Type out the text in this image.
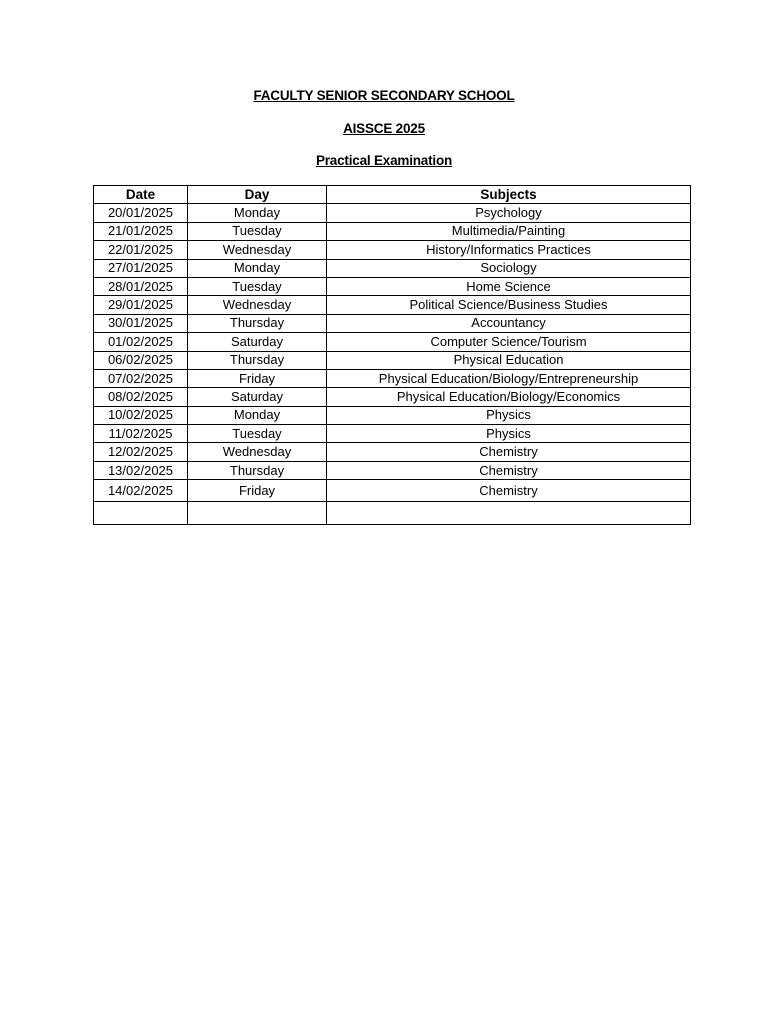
FACULTY SENIOR SECONDARY SCHOOL
AISSCE 2025
Practical Examination
Date	Day	Subjects
20/01/2025	Monday	Psychology
21/01/2025	Tuesday	Multimedia/Painting
22/01/2025	Wednesday	History/Informatics Practices
27/01/2025	Monday	Sociology
28/01/2025	Tuesday	Home Science
29/01/2025	Wednesday	Political Science/Business Studies
30/01/2025	Thursday	Accountancy
01/02/2025	Saturday	Computer Science/Tourism
06/02/2025	Thursday	Physical Education
07/02/2025	Friday	Physical Education/Biology/Entrepreneurship
08/02/2025	Saturday	Physical Education/Biology/Economics
10/02/2025	Monday	Physics
11/02/2025	Tuesday	Physics
12/02/2025	Wednesday	Chemistry
13/02/2025	Thursday	Chemistry
14/02/2025	Friday	Chemistry
